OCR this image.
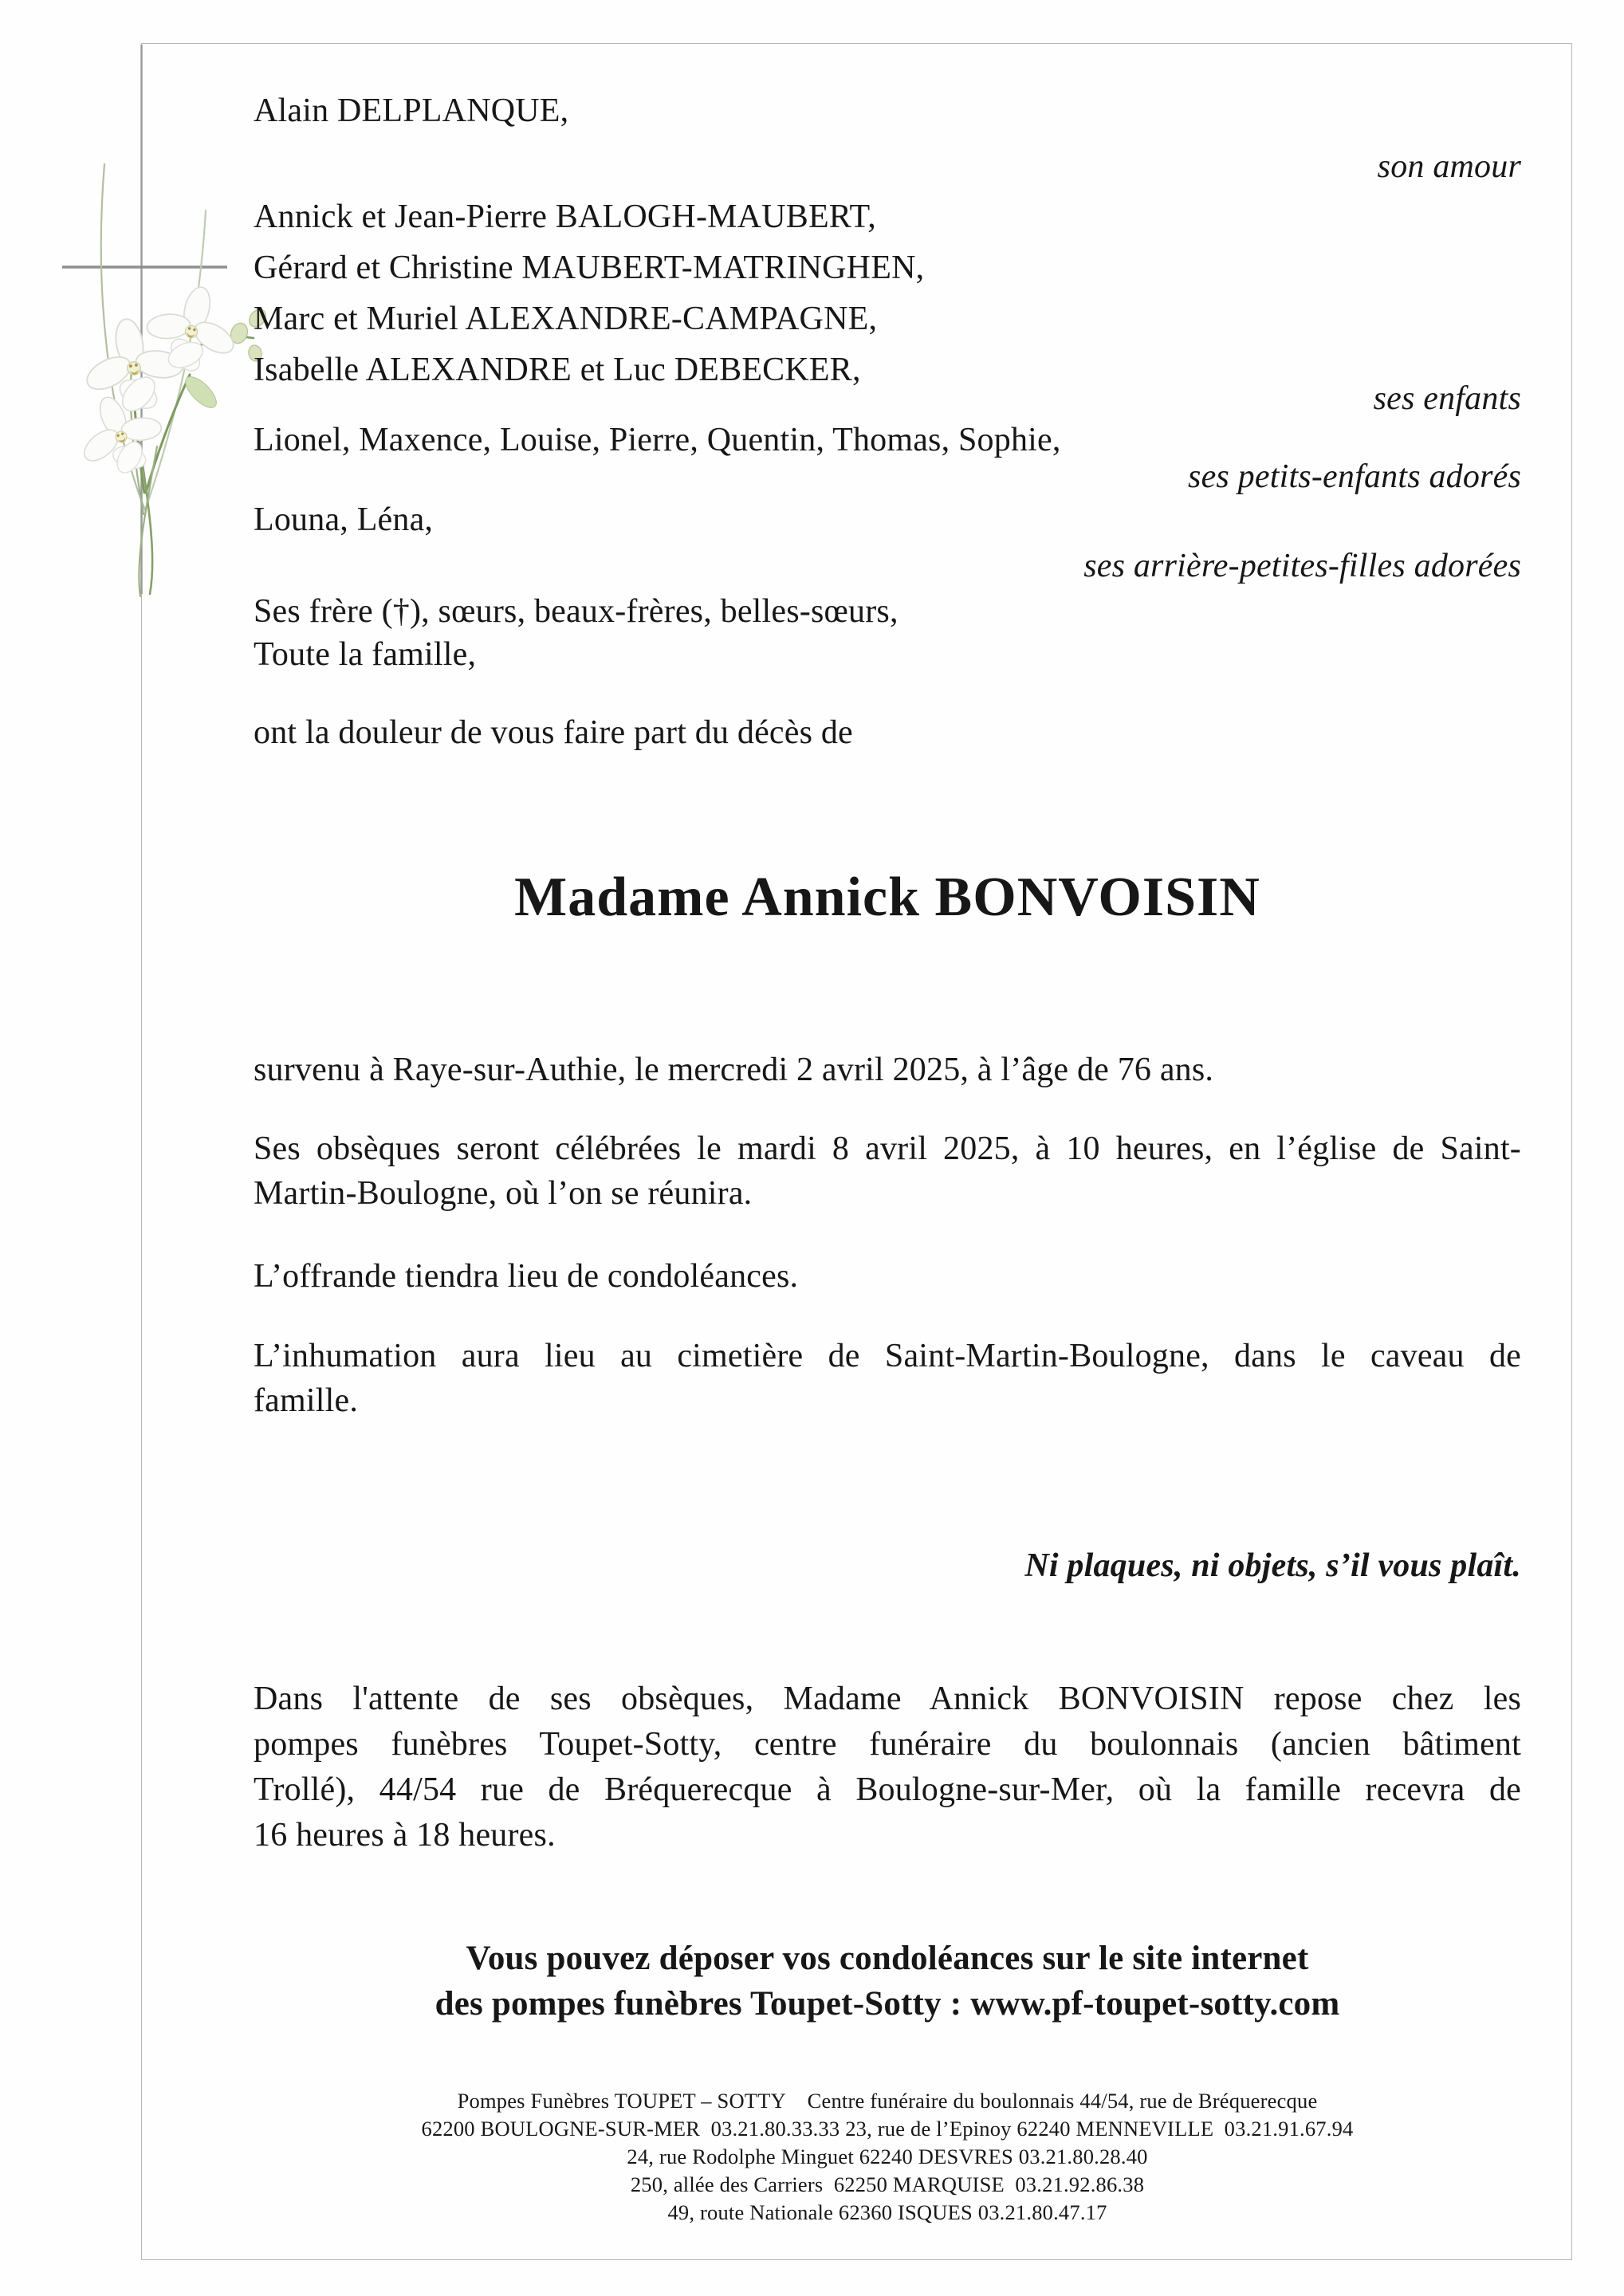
Alain DELPLANQUE,
son amour
Annick et Jean-Pierre BALOGH-MAUBERT,
Gérard et Christine MAUBERT-MATRINGHEN,
Marc et Muriel ALEXANDRE-CAMPAGNE,
Isabelle ALEXANDRE et Luc DEBECKER,
ses enfants
Lionel, Maxence, Louise, Pierre, Quentin, Thomas, Sophie,
ses petits-enfants adorés
Louna, Léna,
ses arrière-petites-filles adorées
Ses frère (†), sœurs, beaux-frères, belles-sœurs,
Toute la famille,
ont la douleur de vous faire part du décès de
Madame Annick BONVOISIN
survenu à Raye-sur-Authie, le mercredi 2 avril 2025, à l’âge de 76 ans.
Ses obsèques seront célébrées le mardi 8 avril 2025, à 10 heures, en l’église de Saint-
Martin-Boulogne, où l’on se réunira.
L’offrande tiendra lieu de condoléances.
L’inhumation aura lieu au cimetière de Saint-Martin-Boulogne, dans le caveau de
famille.
Ni plaques, ni objets, s’il vous plaît.
Dans l'attente de ses obsèques, Madame Annick BONVOISIN repose chez les
pompes funèbres Toupet-Sotty, centre funéraire du boulonnais (ancien bâtiment
Trollé), 44/54 rue de Bréquerecque à Boulogne-sur-Mer, où la famille recevra de
16 heures à 18 heures.
Vous pouvez déposer vos condoléances sur le site internet
des pompes funèbres Toupet-Sotty : www.pf-toupet-sotty.com
Pompes Funèbres TOUPET – SOTTY Centre funéraire du boulonnais 44/54, rue de Bréquerecque
62200 BOULOGNE-SUR-MER 03.21.80.33.33 23, rue de l’Epinoy 62240 MENNEVILLE 03.21.91.67.94
24, rue Rodolphe Minguet 62240 DESVRES 03.21.80.28.40
250, allée des Carriers 62250 MARQUISE 03.21.92.86.38
49, route Nationale 62360 ISQUES 03.21.80.47.17
